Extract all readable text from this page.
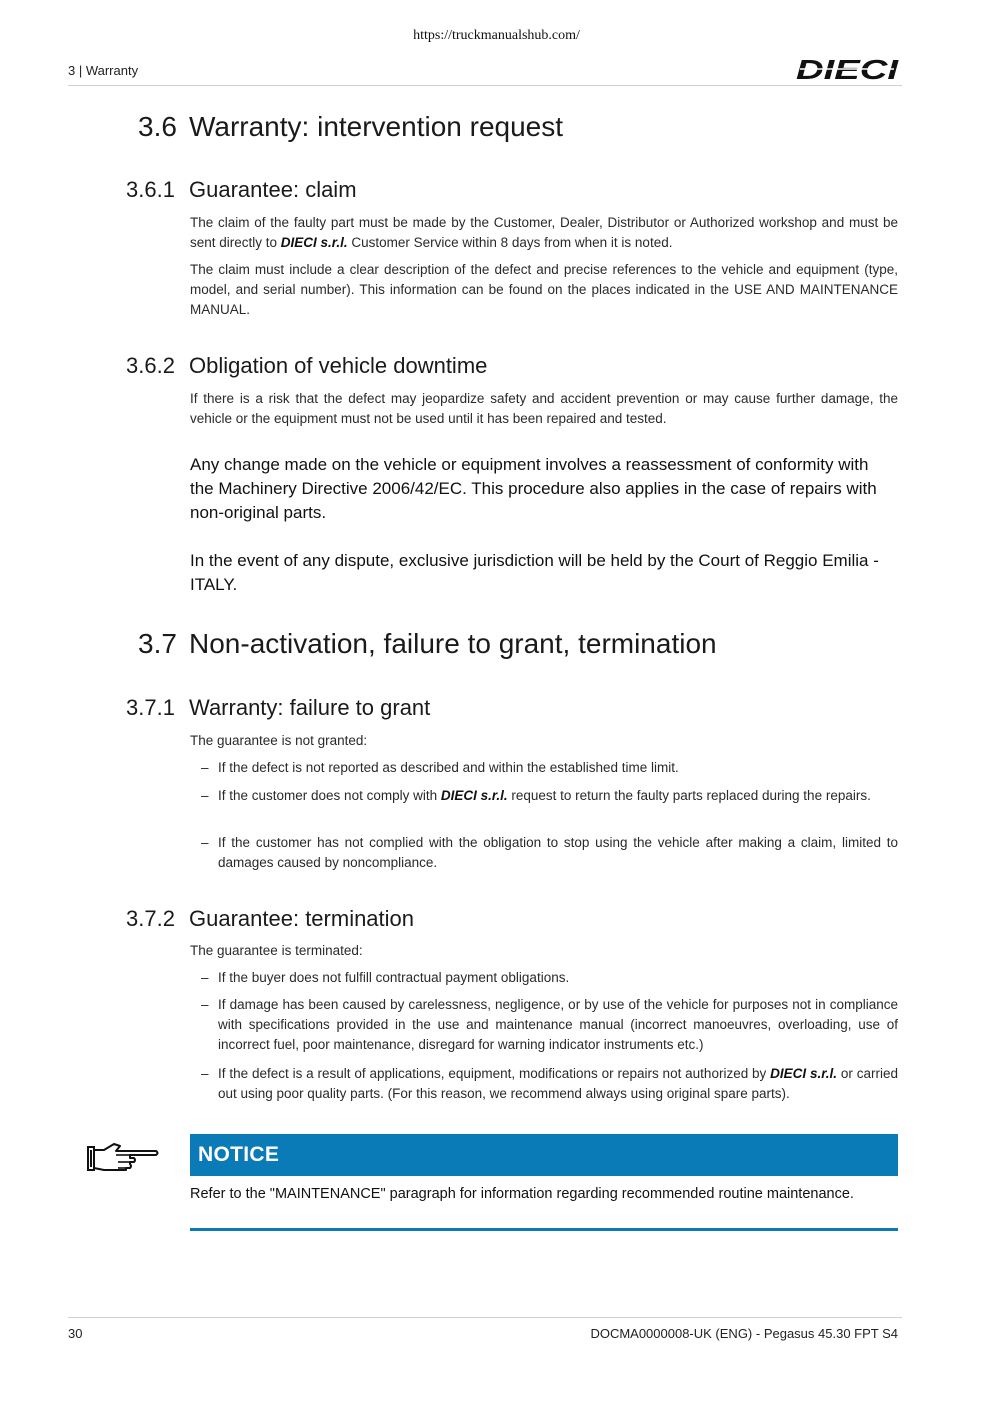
https://truckmanualshub.com/
3 | Warranty	DIECI
3.6 Warranty: intervention request
3.6.1 Guarantee: claim

The claim of the faulty part must be made by the Customer, Dealer, Distributor or Authorized workshop and must be sent directly to DIECI s.r.l. Customer Service within 8 days from when it is noted.

The claim must include a clear description of the defect and precise references to the vehicle and equipment (type, model, and serial number). This information can be found on the places indicated in the USE AND MAINTENANCE MANUAL.

3.6.2 Obligation of vehicle downtime

If there is a risk that the defect may jeopardize safety and accident prevention or may cause further damage, the vehicle or the equipment must not be used until it has been repaired and tested.

Any change made on the vehicle or equipment involves a reassessment of conformity with the Machinery Directive 2006/42/EC. This procedure also applies in the case of repairs with non-original parts.

In the event of any dispute, exclusive jurisdiction will be held by the Court of Reggio Emilia - ITALY.

3.7 Non-activation, failure to grant, termination
3.7.1 Warranty: failure to grant

The guarantee is not granted:

– If the defect is not reported as described and within the established time limit.
– If the customer does not comply with DIECI s.r.l. request to return the faulty parts replaced during the repairs.
– If the customer has not complied with the obligation to stop using the vehicle after making a claim, limited to damages caused by noncompliance.
3.7.2 Guarantee: termination

The guarantee is terminated:

– If the buyer does not fulfill contractual payment obligations.
– If damage has been caused by carelessness, negligence, or by use of the vehicle for purposes not in compliance with specifications provided in the use and maintenance manual (incorrect manoeuvres, overloading, use of incorrect fuel, poor maintenance, disregard for warning indicator instruments etc.)
– If the defect is a result of applications, equipment, modifications or repairs not authorized by DIECI s.r.l. or carried out using poor quality parts. (For this reason, we recommend always using original spare parts).
NOTICE

Refer to the "MAINTENANCE" paragraph for information regarding recommended routine maintenance.

30	DOCMA0000008-UK (ENG) - Pegasus 45.30 FPT S4
